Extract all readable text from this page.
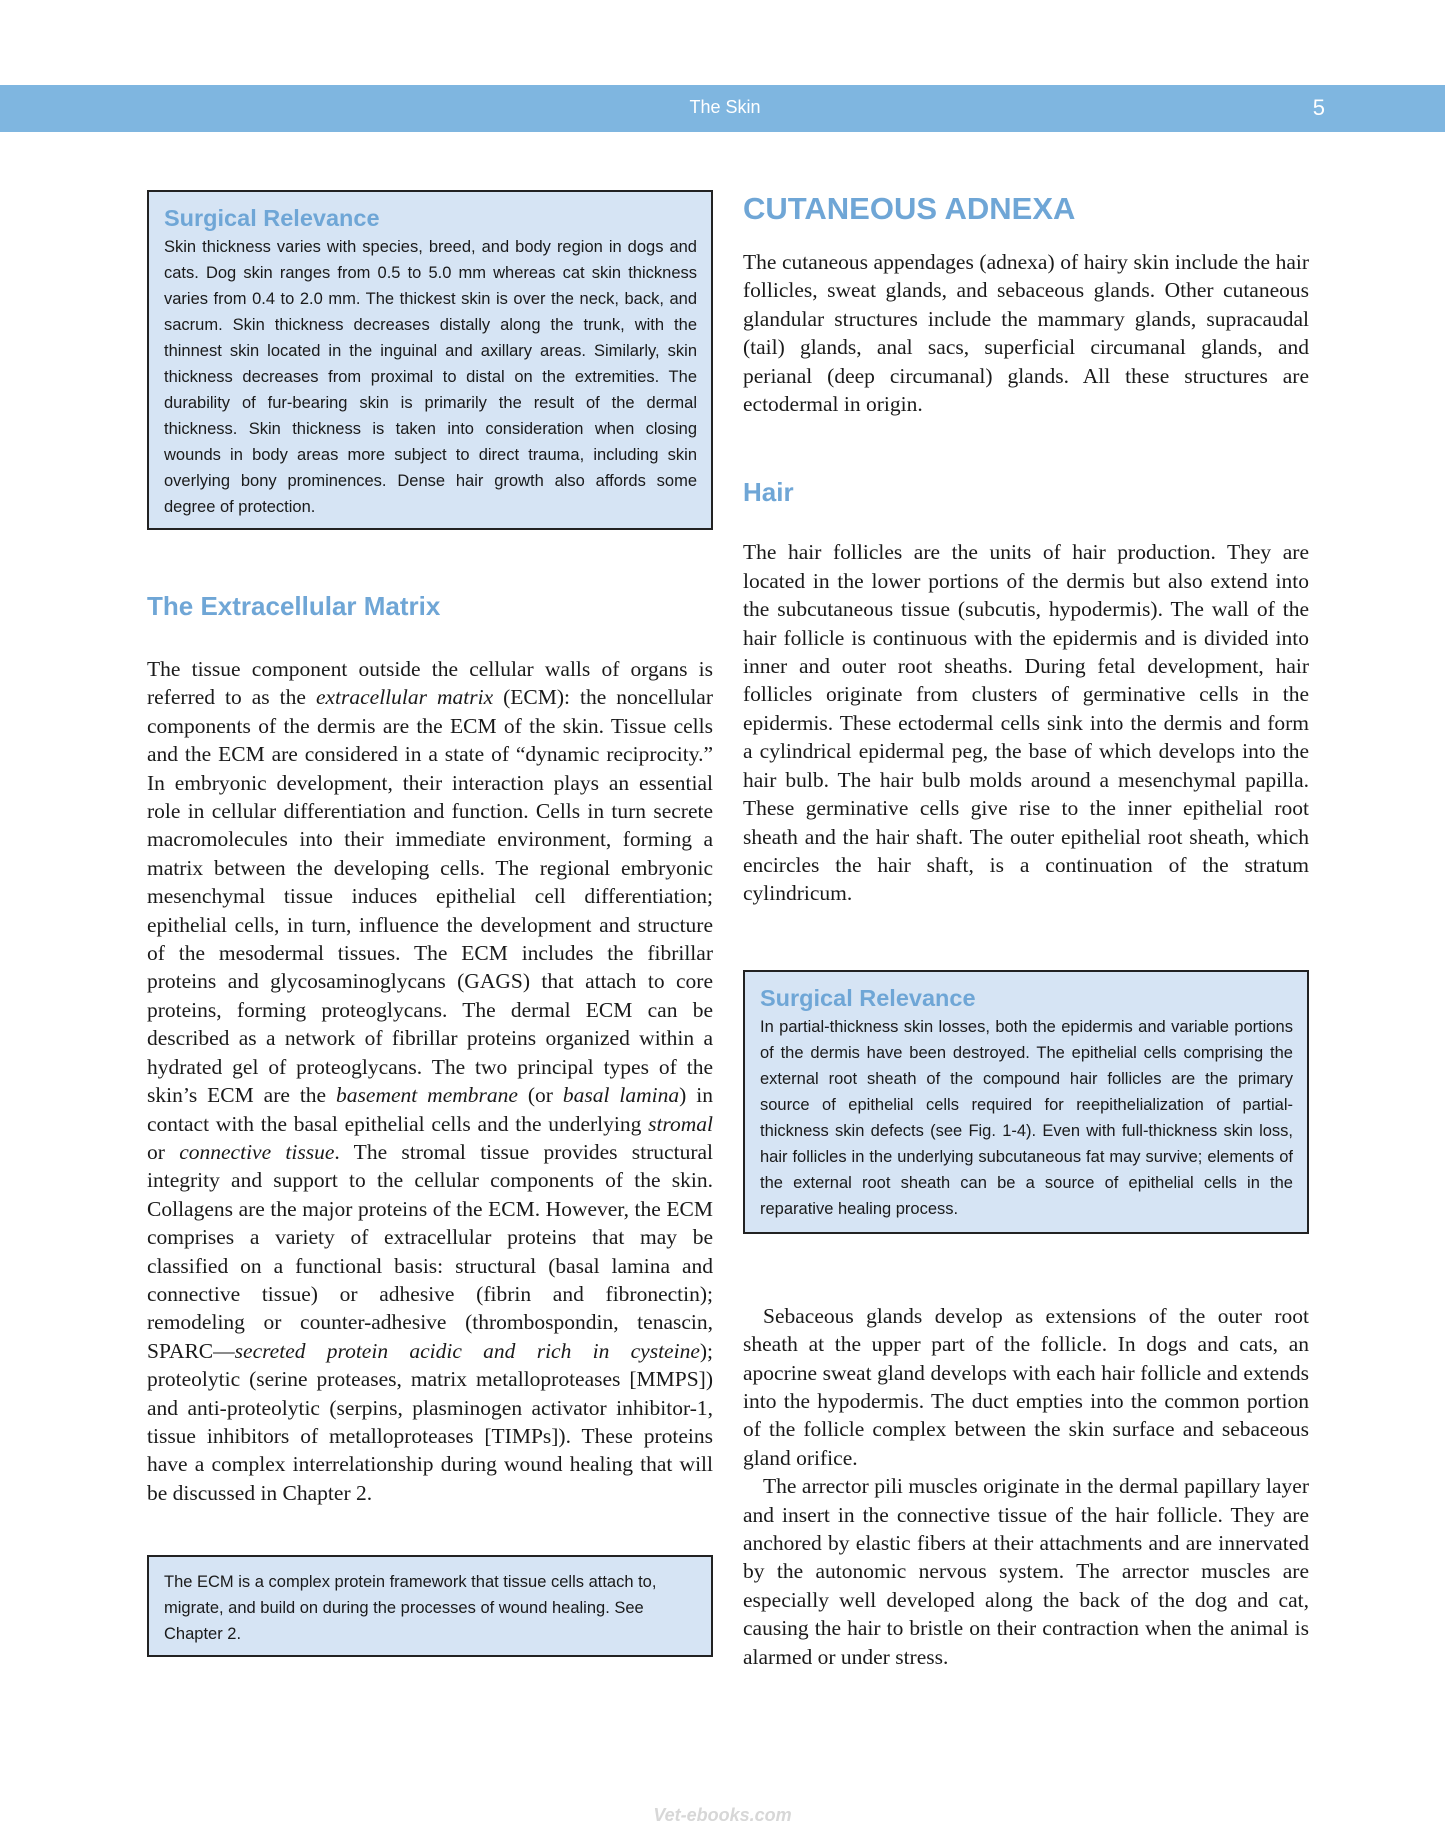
The Skin	5
Surgical Relevance

Skin thickness varies with species, breed, and body region in dogs and cats. Dog skin ranges from 0.5 to 5.0 mm whereas cat skin thickness varies from 0.4 to 2.0 mm. The thickest skin is over the neck, back, and sacrum. Skin thickness decreases distally along the trunk, with the thinnest skin located in the inguinal and axillary areas. Similarly, skin thickness decreases from proximal to distal on the extremities. The durability of fur-bearing skin is primarily the result of the dermal thickness. Skin thickness is taken into consideration when closing wounds in body areas more subject to direct trauma, including skin overlying bony prominences. Dense hair growth also affords some degree of protection.

The Extracellular Matrix

The tissue component outside the cellular walls of organs is referred to as the extracellular matrix (ECM): the noncellular components of the dermis are the ECM of the skin. Tissue cells and the ECM are considered in a state of “dynamic reciprocity.” In embryonic development, their interaction plays an essential role in cellular differentiation and function. Cells in turn secrete macromolecules into their immediate environment, forming a matrix between the developing cells. The regional embryonic mesenchymal tissue induces epithelial cell differentiation; epithelial cells, in turn, influence the development and structure of the mesodermal tissues. The ECM includes the fibrillar proteins and glycosaminoglycans (GAGS) that attach to core proteins, forming proteoglycans. The dermal ECM can be described as a network of fibrillar proteins organized within a hydrated gel of proteoglycans. The two principal types of the skin’s ECM are the basement membrane (or basal lamina) in contact with the basal epithelial cells and the underlying stromal or connective tissue. The stromal tissue provides structural integrity and support to the cellular components of the skin. Collagens are the major proteins of the ECM. However, the ECM comprises a variety of extracellular proteins that may be classified on a functional basis: structural (basal lamina and connective tissue) or adhesive (fibrin and fibronectin); remodeling or counter-adhesive (thrombospondin, tenascin, SPARC—secreted protein acidic and rich in cysteine); proteolytic (serine proteases, matrix metalloproteases [MMPS]) and anti-proteolytic (serpins, plasminogen activator inhibitor-1, tissue inhibitors of metalloproteases [TIMPs]). These proteins have a complex interrelationship during wound healing that will be discussed in Chapter 2.

The ECM is a complex protein framework that tissue cells attach to, migrate, and build on during the processes of wound healing. See Chapter 2.

CUTANEOUS ADNEXA

The cutaneous appendages (adnexa) of hairy skin include the hair follicles, sweat glands, and sebaceous glands. Other cutaneous glandular structures include the mammary glands, supracaudal (tail) glands, anal sacs, superficial circumanal glands, and perianal (deep circumanal) glands. All these structures are ectodermal in origin.

Hair

The hair follicles are the units of hair production. They are located in the lower portions of the dermis but also extend into the subcutaneous tissue (subcutis, hypodermis). The wall of the hair follicle is continuous with the epidermis and is divided into inner and outer root sheaths. During fetal development, hair follicles originate from clusters of germinative cells in the epidermis. These ectodermal cells sink into the dermis and form a cylindrical epidermal peg, the base of which develops into the hair bulb. The hair bulb molds around a mesenchymal papilla. These germinative cells give rise to the inner epithelial root sheath and the hair shaft. The outer epithelial root sheath, which encircles the hair shaft, is a continuation of the stratum cylindricum.

Surgical Relevance

In partial-thickness skin losses, both the epidermis and variable portions of the dermis have been destroyed. The epithelial cells comprising the external root sheath of the compound hair follicles are the primary source of epithelial cells required for reepithelialization of partial-thickness skin defects (see Fig. 1-4). Even with full-thickness skin loss, hair follicles in the underlying subcutaneous fat may survive; elements of the external root sheath can be a source of epithelial cells in the reparative healing process.

Sebaceous glands develop as extensions of the outer root sheath at the upper part of the follicle. In dogs and cats, an apocrine sweat gland develops with each hair follicle and extends into the hypodermis. The duct empties into the common portion of the follicle complex between the skin surface and sebaceous gland orifice.

The arrector pili muscles originate in the dermal papillary layer and insert in the connective tissue of the hair follicle. They are anchored by elastic fibers at their attachments and are innervated by the autonomic nervous system. The arrector muscles are especially well developed along the back of the dog and cat, causing the hair to bristle on their contraction when the animal is alarmed or under stress.

Vet-ebooks.com
